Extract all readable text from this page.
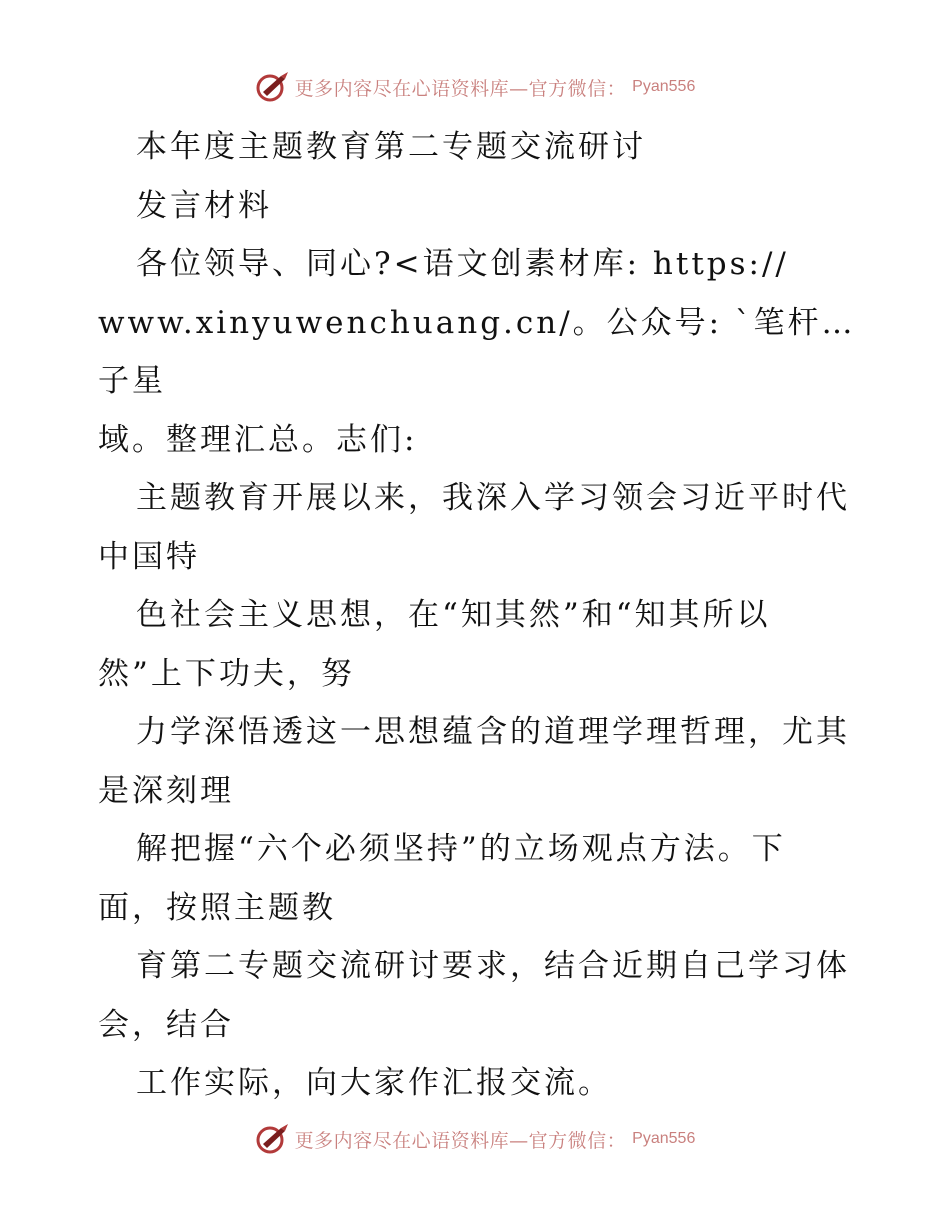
更多内容尽在心语资料库—官方微信： Pyan556

本年度主题教育第二专题交流研讨

发言材料

各位领导、同心?<语文创素材库: https://

www.xinyuwenchuang.cn/。公众号: `笔杆…子星

域。整理汇总。志们:

主题教育开展以来，我深入学习领会习近平时代

中国特

色社会主义思想，在“知其然”和“知其所以

然”上下功夫，努

力学深悟透这一思想蕴含的道理学理哲理，尤其

是深刻理

解把握“六个必须坚持”的立场观点方法。下

面，按照主题教

育第二专题交流研讨要求，结合近期自己学习体

会，结合

工作实际，向大家作汇报交流。

更多内容尽在心语资料库—官方微信： Pyan556
